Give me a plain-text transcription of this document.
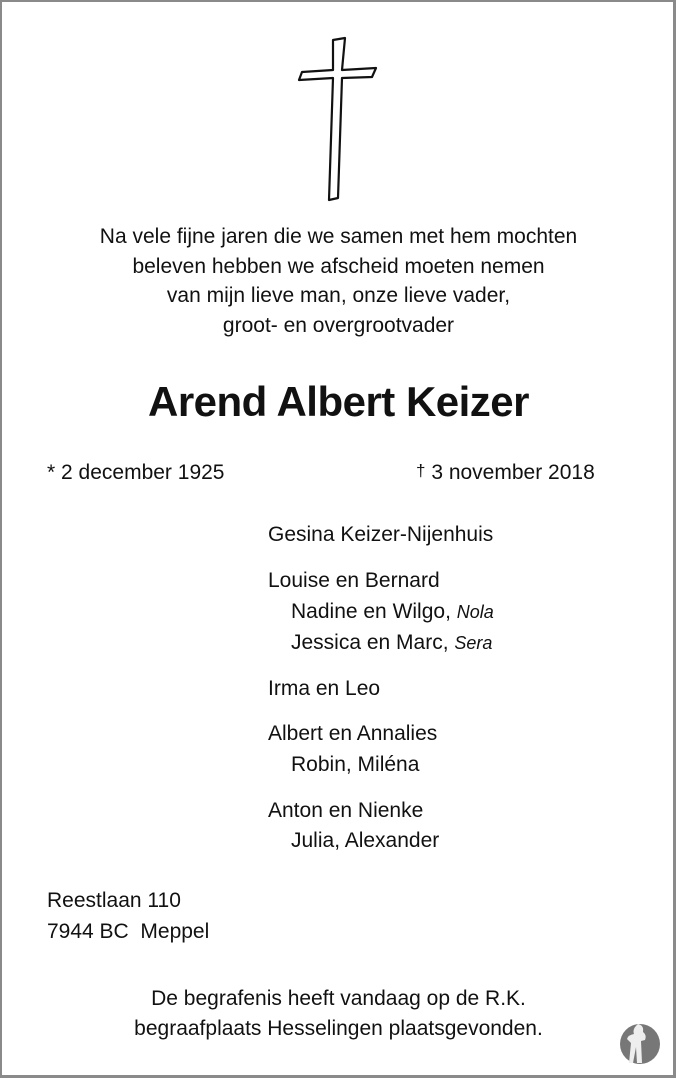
Na vele fijne jaren die we samen met hem mochten
beleven hebben we afscheid moeten nemen
van mijn lieve man, onze lieve vader,
groot- en overgrootvader
Arend Albert Keizer
* 2 december 1925	† 3 november 2018
Gesina Keizer-Nijenhuis
Louise en Bernard
Nadine en Wilgo, Nola
Jessica en Marc, Sera
Irma en Leo
Albert en Annalies
Robin, Miléna
Anton en Nienke
Julia, Alexander
Reestlaan 110
7944 BC  Meppel
De begrafenis heeft vandaag op de R.K.
begraafplaats Hesselingen plaatsgevonden.
